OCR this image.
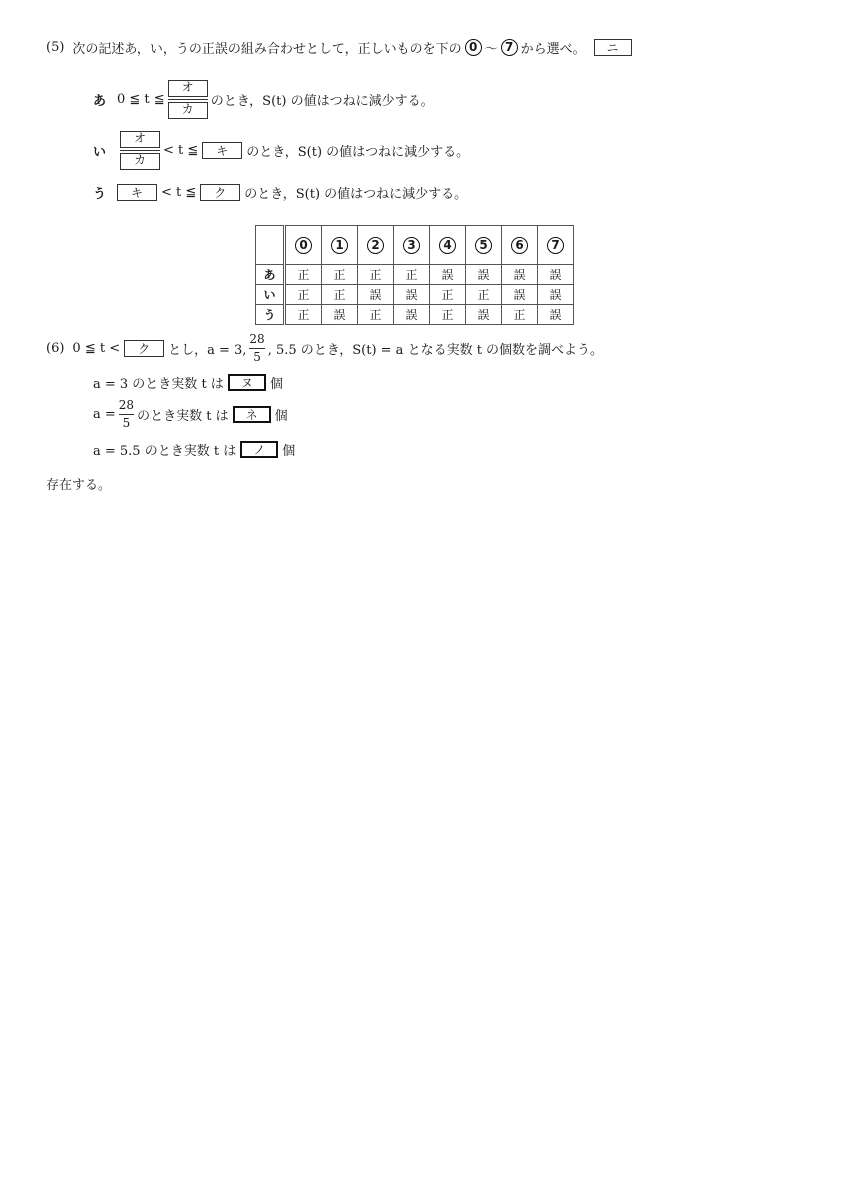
(5) 次の記述あ，い，うの正誤の組み合わせとして，正しいものを下の 0 〜 7 から選べ。	ニ
あ 0 ≦ t ≦ $\frac{\text{オ}}{\text{カ}}$ のとき，S(t) の値はつねに減少する。
い	$\frac{\text{オ}}{\text{カ}} < t$ ≦	キ	のとき，S(t) の値はつねに減少する。
う	キ	< t ≦	ク	のとき，S(t) の値はつねに減少する。
	0	1	2	3	4	5	6	7
あ	正	正	正	正	誤	誤	誤	誤
い	正	正	誤	誤	正	正	誤	誤
う	正	誤	正	誤	正	誤	正	誤
(6) 0 ≦ t <	ク	とし，a = 3, $\frac{28}{5}$ , 5.5 のとき，S(t) = a となる実数 t の個数を調べよう。
a = 3 のとき実数 t は	ヌ	個
$a = \frac{28}{5}$ のとき実数 t は	ネ	個
a = 5.5 のとき実数 t は	ノ	個
存在する。
